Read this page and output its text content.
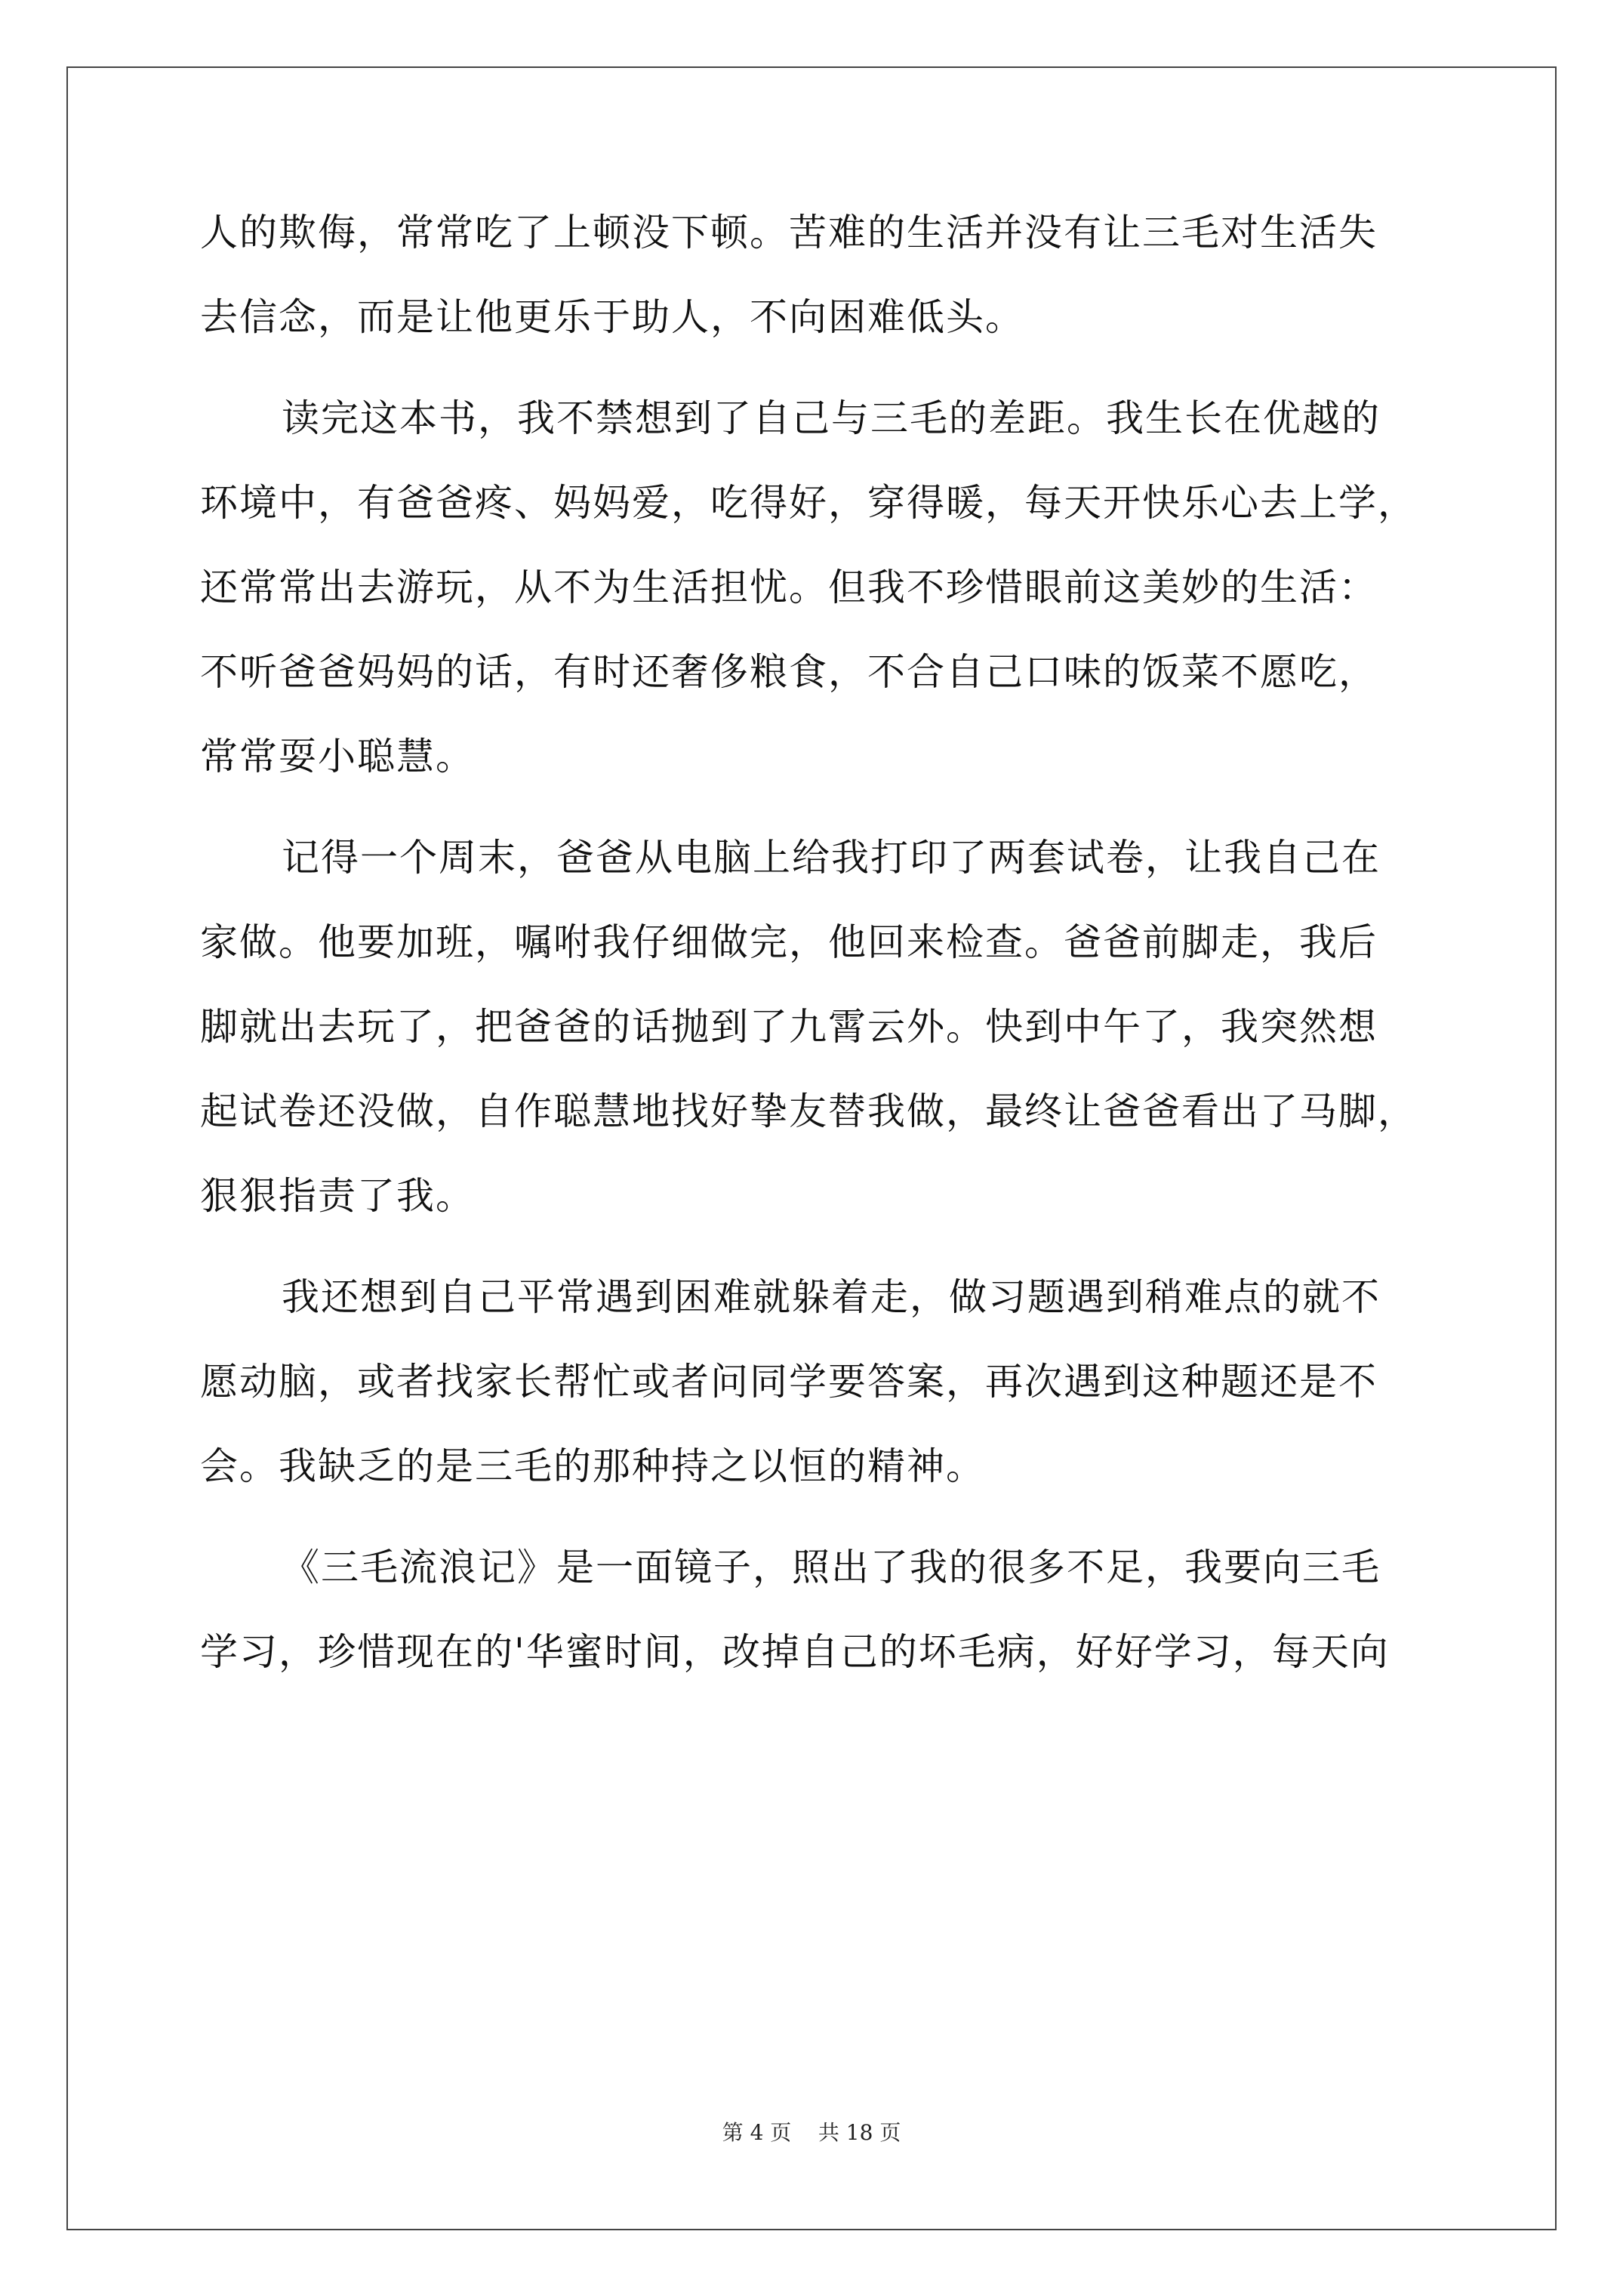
人的欺侮，常常吃了上顿没下顿。苦难的生活并没有让三毛对生活失
去信念，而是让他更乐于助人，不向困难低头。
读完这本书，我不禁想到了自己与三毛的差距。我生长在优越的
环境中，有爸爸疼、妈妈爱，吃得好，穿得暖，每天开快乐心去上学，
还常常出去游玩，从不为生活担忧。但我不珍惜眼前这美妙的生活：
不听爸爸妈妈的话，有时还奢侈粮食，不合自己口味的饭菜不愿吃，
常常耍小聪慧。
记得一个周末，爸爸从电脑上给我打印了两套试卷，让我自己在
家做。他要加班，嘱咐我仔细做完，他回来检查。爸爸前脚走，我后
脚就出去玩了，把爸爸的话抛到了九霄云外。快到中午了，我突然想
起试卷还没做，自作聪慧地找好挚友替我做，最终让爸爸看出了马脚，
狠狠指责了我。
我还想到自己平常遇到困难就躲着走，做习题遇到稍难点的就不
愿动脑，或者找家长帮忙或者问同学要答案，再次遇到这种题还是不
会。我缺乏的是三毛的那种持之以恒的精神。
《三毛流浪记》是一面镜子，照出了我的很多不足，我要向三毛
学习，珍惜现在的'华蜜时间，改掉自己的坏毛病，好好学习，每天向
第 4 页    共 18 页
